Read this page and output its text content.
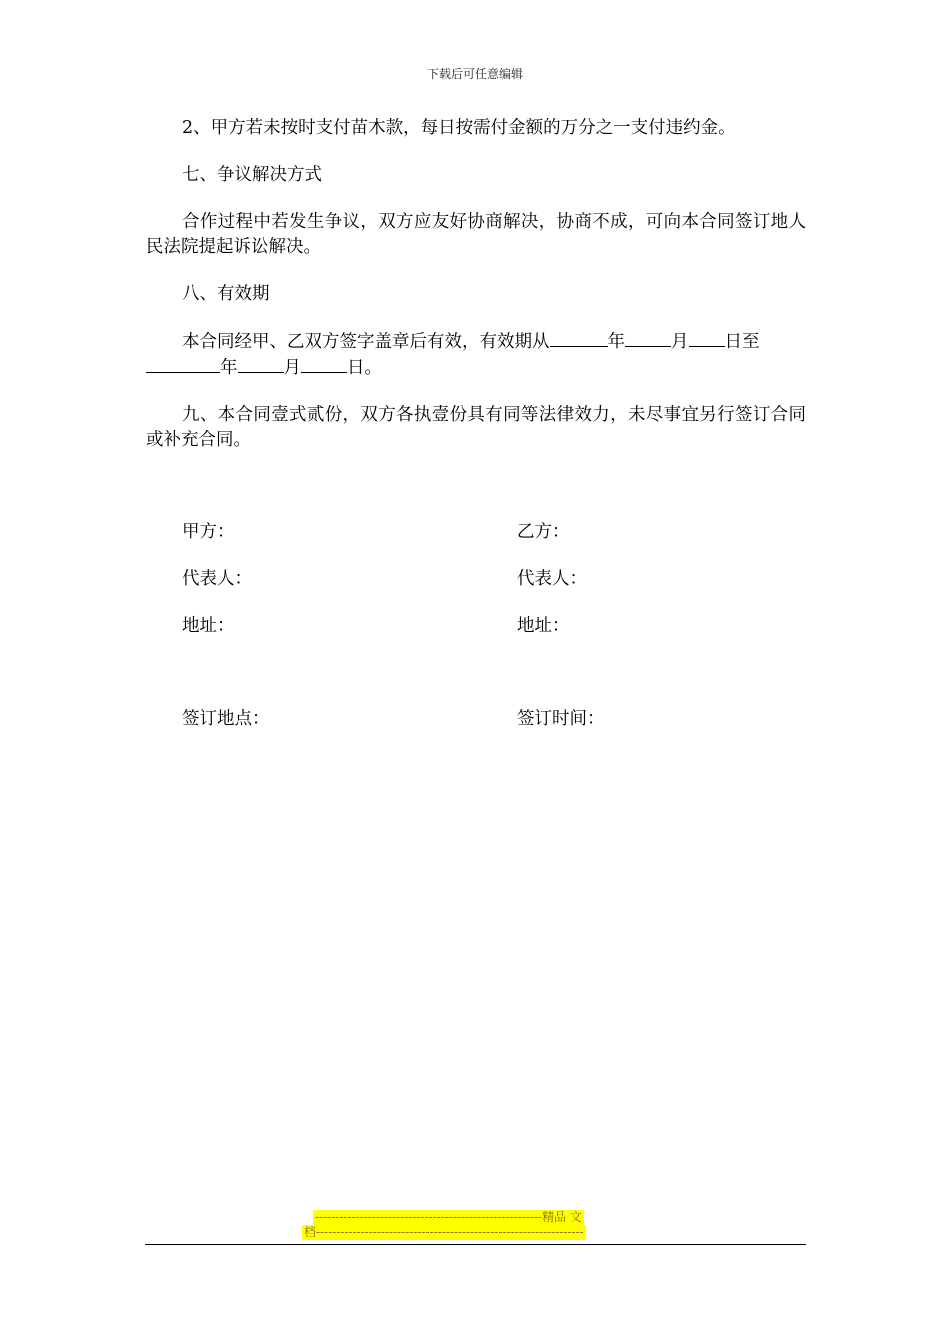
下载后可任意编辑

2、甲方若未按时支付苗木款，每日按需付金额的万分之一支付违约金。

七、争议解决方式

合作过程中若发生争议，双方应友好协商解决，协商不成，可向本合同签订地人民法院提起诉讼解决。

八、有效期

本合同经甲、乙双方签字盖章后有效，有效期从	年	月 日至
年	月	日。

九、本合同壹式贰份，双方各执壹份具有同等法律效力，未尽事宜另行签订合同或补充合同。

甲方：	乙方：
代表人：	代表人：
地址：	地址：
签订地点：	签订时间：
--------------------------------------------------------精品 文
档------------------------------------------------------------------
